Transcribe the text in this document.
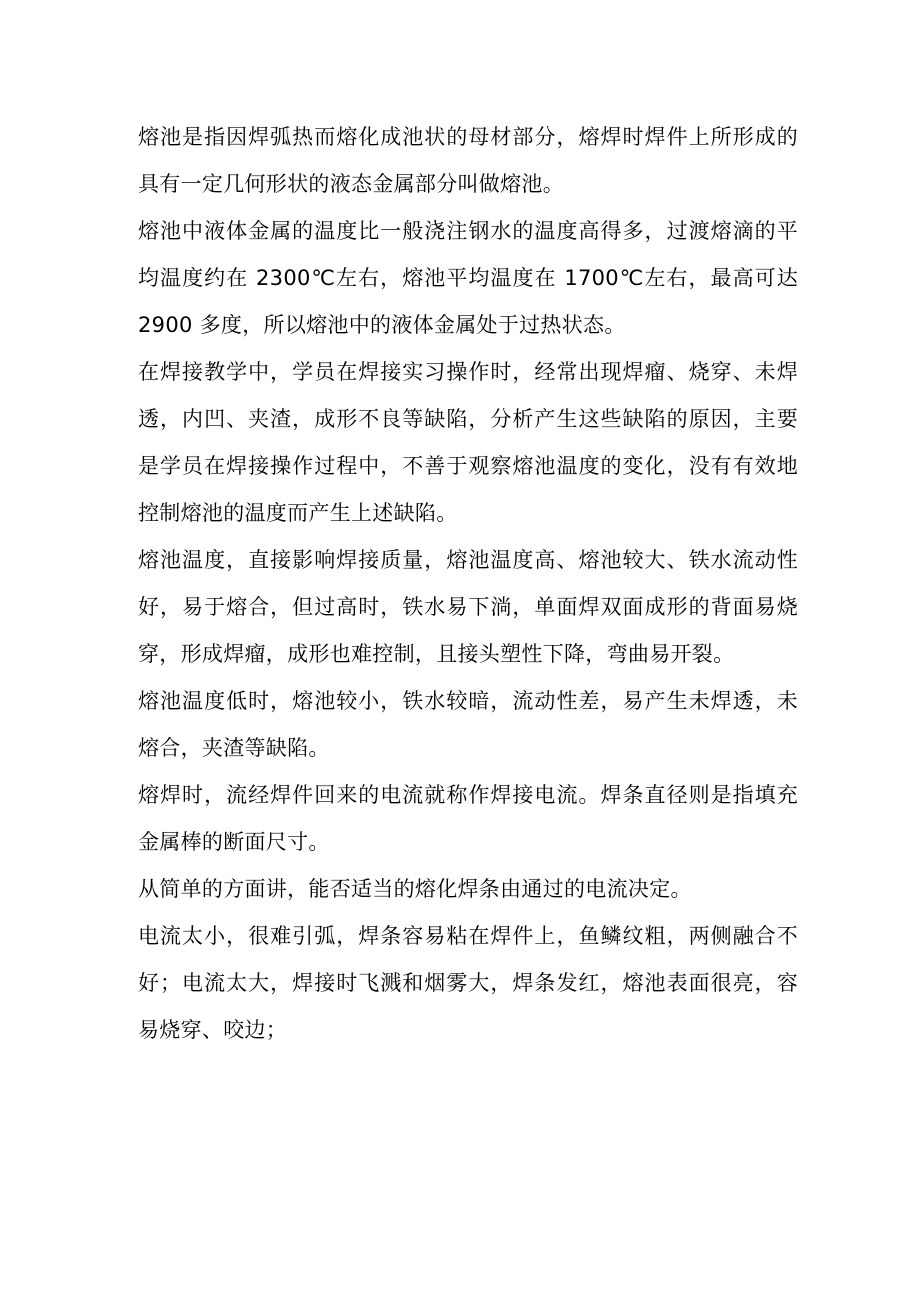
熔池是指因焊弧热而熔化成池状的母材部分，熔焊时焊件上所形成的具有一定几何形状的液态金属部分叫做熔池。

熔池中液体金属的温度比一般浇注钢水的温度高得多，过渡熔滴的平均温度约在 2300℃左右，熔池平均温度在 1700℃左右，最高可达 2900 多度，所以熔池中的液体金属处于过热状态。

在焊接教学中，学员在焊接实习操作时，经常出现焊瘤、烧穿、未焊透，内凹、夹渣，成形不良等缺陷，分析产生这些缺陷的原因，主要是学员在焊接操作过程中，不善于观察熔池温度的变化，没有有效地控制熔池的温度而产生上述缺陷。

熔池温度，直接影响焊接质量，熔池温度高、熔池较大、铁水流动性好，易于熔合，但过高时，铁水易下淌，单面焊双面成形的背面易烧穿，形成焊瘤，成形也难控制，且接头塑性下降，弯曲易开裂。

熔池温度低时，熔池较小，铁水较暗，流动性差，易产生未焊透，未熔合，夹渣等缺陷。

熔焊时，流经焊件回来的电流就称作焊接电流。焊条直径则是指填充金属棒的断面尺寸。

从简单的方面讲，能否适当的熔化焊条由通过的电流决定。

电流太小，很难引弧，焊条容易粘在焊件上，鱼鳞纹粗，两侧融合不好；电流太大，焊接时飞溅和烟雾大，焊条发红，熔池表面很亮，容易烧穿、咬边；
